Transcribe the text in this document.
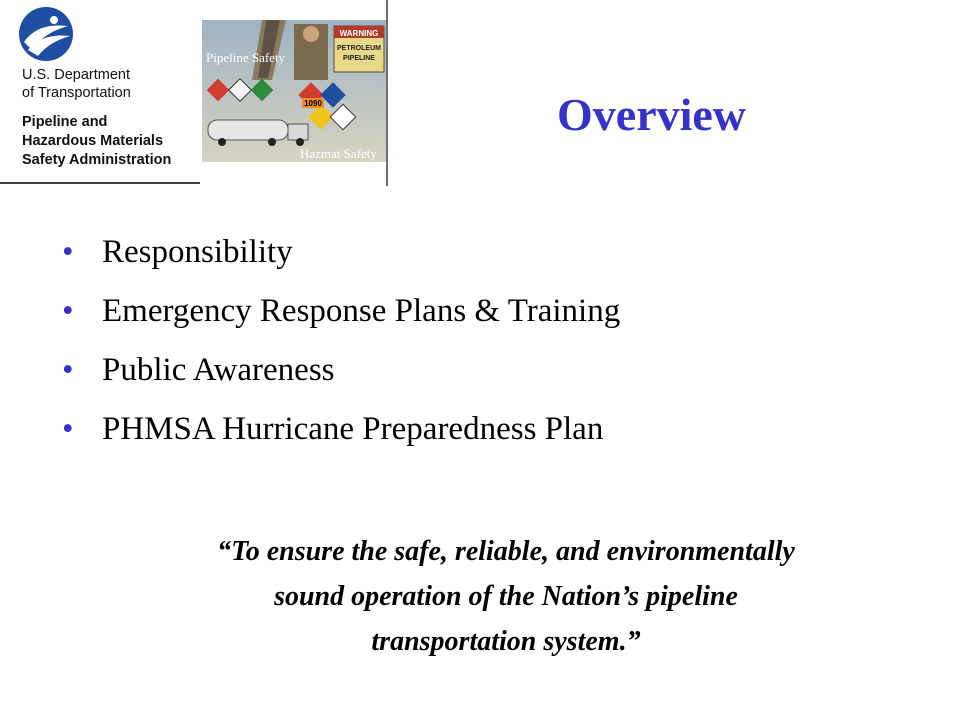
U.S. Department
of Transportation
Pipeline and
Hazardous Materials
Safety Administration
WARNING
PETROLEUM
PIPELINE
Pipeline Safety
1090
Hazmat Safety
Overview
• Responsibility
• Emergency Response Plans & Training
• Public Awareness
• PHMSA Hurricane Preparedness Plan
“To ensure the safe, reliable, and environmentally
sound operation of the Nation’s pipeline
transportation system.”
